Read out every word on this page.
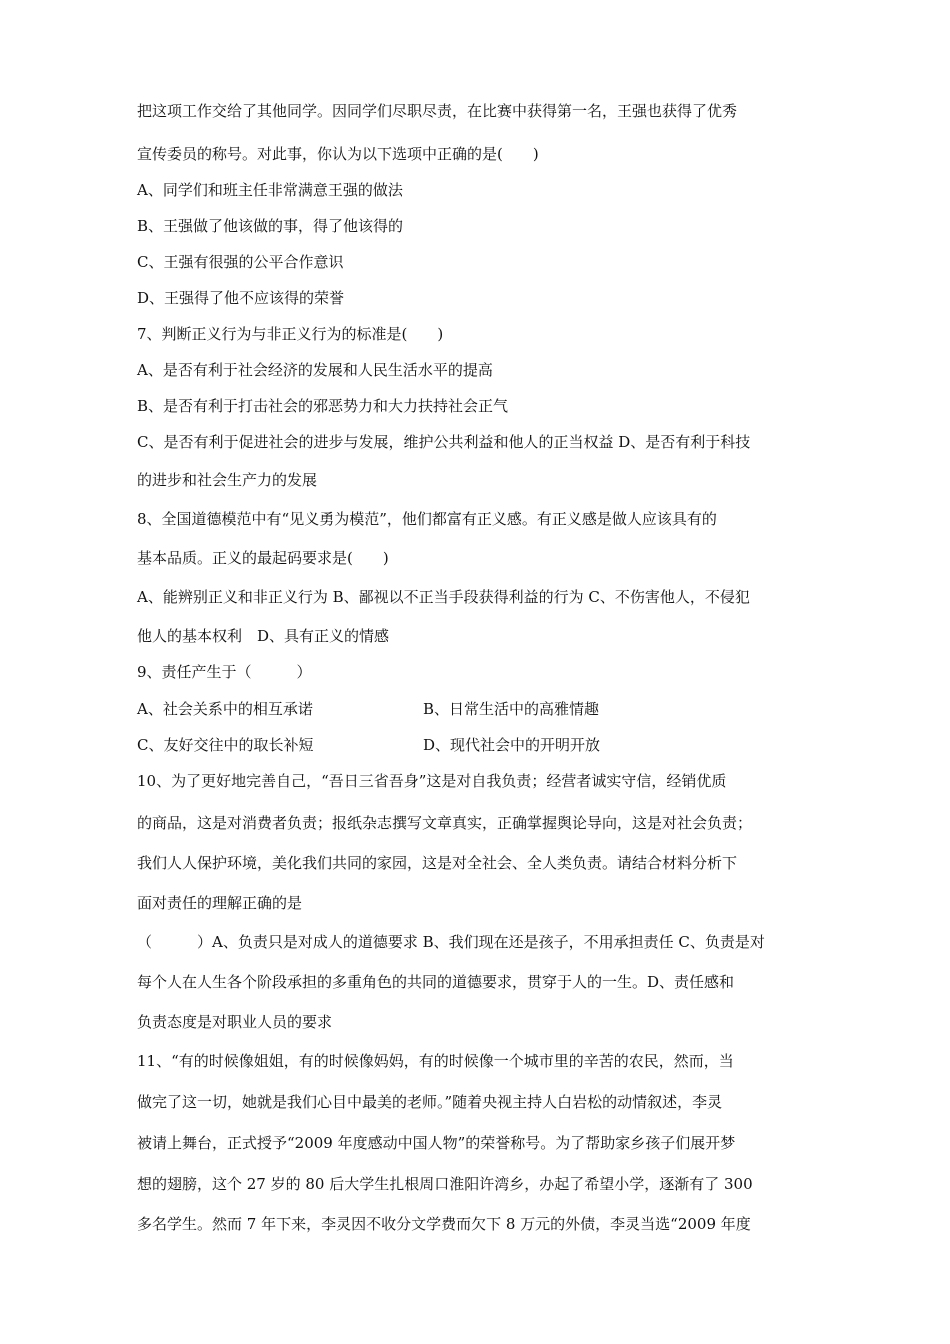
把这项工作交给了其他同学。因同学们尽职尽责，在比赛中获得第一名，王强也获得了优秀
宣传委员的称号。对此事，你认为以下选项中正确的是(　　)
A、同学们和班主任非常满意王强的做法
B、王强做了他该做的事，得了他该得的
C、王强有很强的公平合作意识
D、王强得了他不应该得的荣誉
7、判断正义行为与非正义行为的标准是(　　)
A、是否有利于社会经济的发展和人民生活水平的提高
B、是否有利于打击社会的邪恶势力和大力扶持社会正气
C、是否有利于促进社会的进步与发展，维护公共利益和他人的正当权益 D、是否有利于科技
的进步和社会生产力的发展
8、全国道德模范中有“见义勇为模范”，他们都富有正义感。有正义感是做人应该具有的
基本品质。正义的最起码要求是(　　)
A、能辨别正义和非正义行为 B、鄙视以不正当手段获得利益的行为 C、不伤害他人，不侵犯
他人的基本权利　D、具有正义的情感
9、责任产生于（　　　）
A、社会关系中的相互承诺	B、日常生活中的高雅情趣
C、友好交往中的取长补短	D、现代社会中的开明开放
10、为了更好地完善自己，“吾日三省吾身”这是对自我负责；经营者诚实守信，经销优质
的商品，这是对消费者负责；报纸杂志撰写文章真实，正确掌握舆论导向，这是对社会负责；
我们人人保护环境，美化我们共同的家园，这是对全社会、全人类负责。请结合材料分析下
面对责任的理解正确的是
（　　　）A、负责只是对成人的道德要求 B、我们现在还是孩子，不用承担责任 C、负责是对
每个人在人生各个阶段承担的多重角色的共同的道德要求，贯穿于人的一生。D、责任感和
负责态度是对职业人员的要求
11、“有的时候像姐姐，有的时候像妈妈，有的时候像一个城市里的辛苦的农民，然而，当
做完了这一切，她就是我们心目中最美的老师。”随着央视主持人白岩松的动情叙述，李灵
被请上舞台，正式授予“2009 年度感动中国人物”的荣誉称号。为了帮助家乡孩子们展开梦
想的翅膀，这个 27 岁的 80 后大学生扎根周口淮阳许湾乡，办起了希望小学，逐渐有了 300
多名学生。然而 7 年下来，李灵因不收分文学费而欠下 8 万元的外债，李灵当选“2009 年度
